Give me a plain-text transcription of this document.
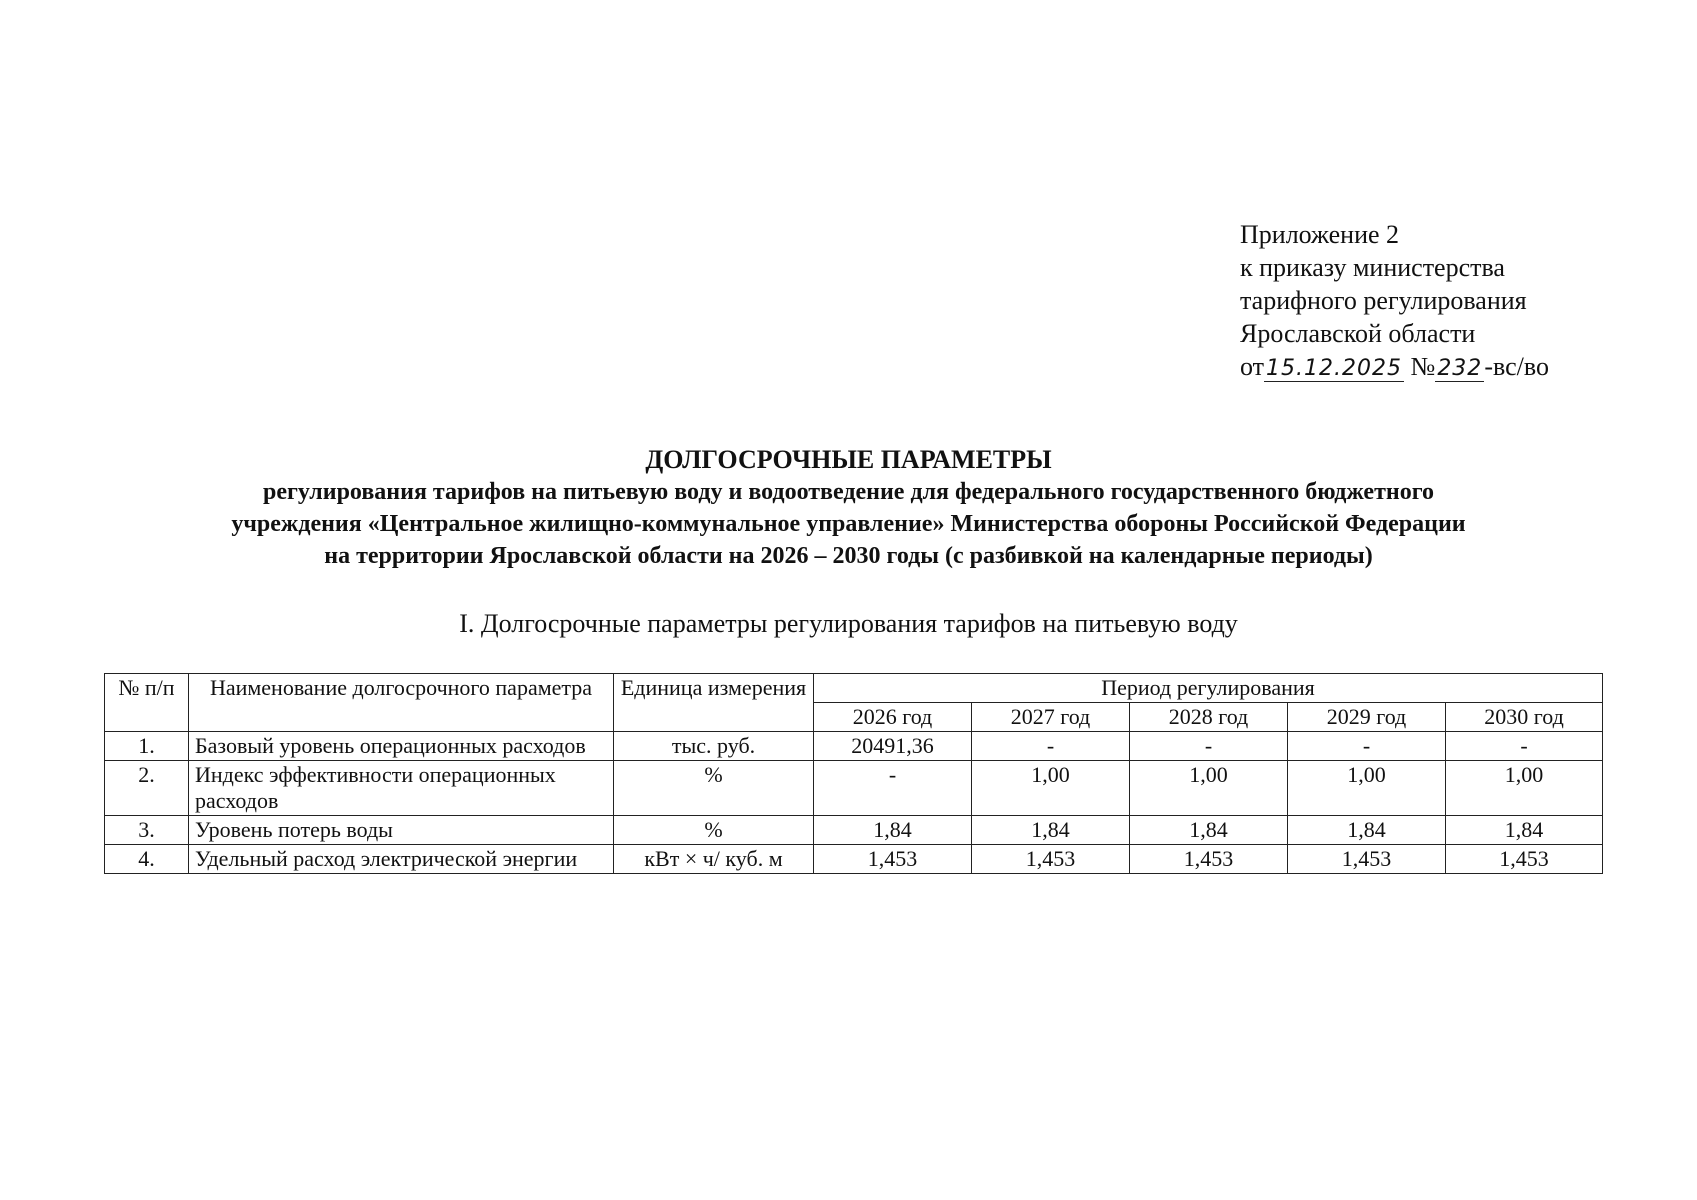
Приложение 2
к приказу министерства
тарифного регулирования
Ярославской области
от15.12.2025 №232-вс/во
ДОЛГОСРОЧНЫЕ ПАРАМЕТРЫ
регулирования тарифов на питьевую воду и водоотведение для федерального государственного бюджетного
учреждения «Центральное жилищно-коммунальное управление» Министерства обороны Российской Федерации
на территории Ярославской области на 2026 – 2030 годы (с разбивкой на календарные периоды)
I. Долгосрочные параметры регулирования тарифов на питьевую воду
№ п/п	Наименование долгосрочного параметра	Единица измерения	Период регулирования				
			2026 год	2027 год	2028 год	2029 год	2030 год
1.	Базовый уровень операционных расходов	тыс. руб.	20491,36	-	-	-	-
2.	Индекс эффективности операционных расходов	%	-	1,00	1,00	1,00	1,00
3.	Уровень потерь воды	%	1,84	1,84	1,84	1,84	1,84
4.	Удельный расход электрической энергии	кВт × ч/ куб. м	1,453	1,453	1,453	1,453	1,453
